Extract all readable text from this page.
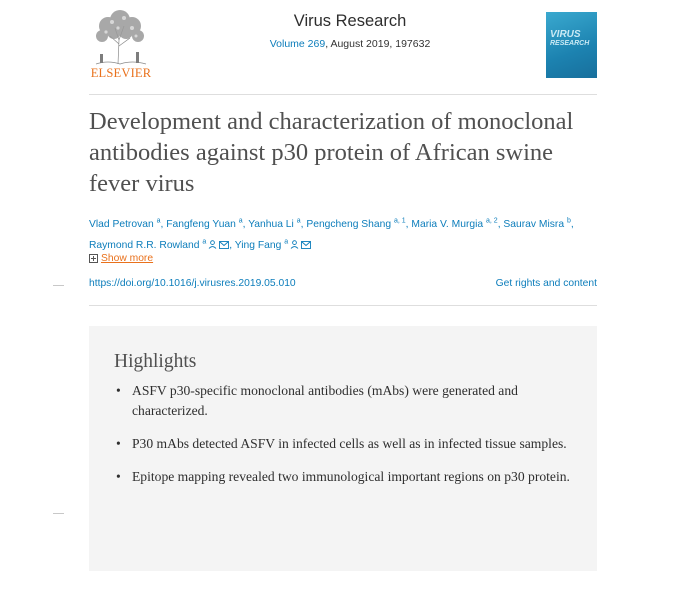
ELSEVIER
Virus Research
Volume 269, August 2019, 197632
VIRUS
RESEARCH
Development and characterization of monoclonal antibodies against p30 protein of African swine fever virus
Vlad Petrovan $^a$, Fangfeng Yuan $^a$, Yanhua Li $^a$, Pengcheng Shang $^{a, 1}$, Maria V. Murgia $^{a, 2}$, Saurav Misra $^b$, Raymond R.R. Rowland $^a$ , Ying Fang $^a$
Show more
https://doi.org/10.1016/j.virusres.2019.05.010	Get rights and content
Highlights
• ASFV p30-specific monoclonal antibodies (mAbs) were generated and characterized.
• P30 mAbs detected ASFV in infected cells as well as in infected tissue samples.
• Epitope mapping revealed two immunological important regions on p30 protein.
